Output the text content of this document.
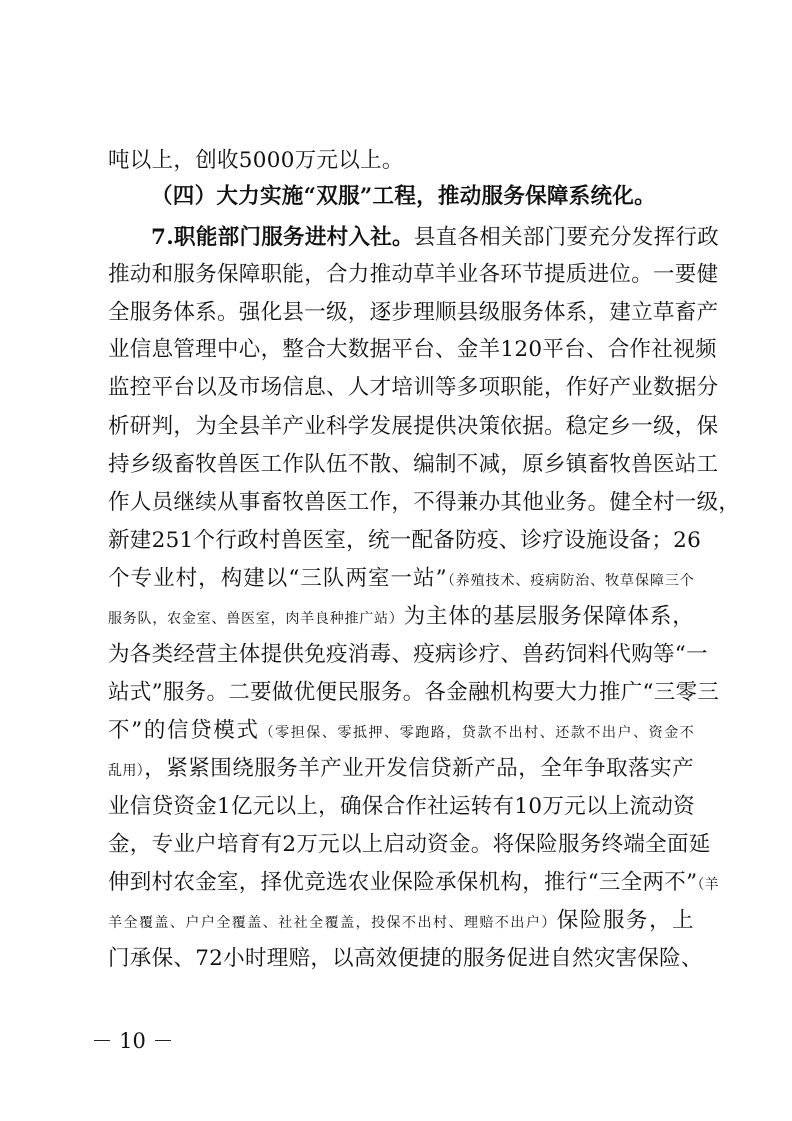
吨以上，创收5000万元以上。
（四）大力实施“双服”工程，推动服务保障系统化。
7.职能部门服务进村入社。县直各相关部门要充分发挥行政
推动和服务保障职能，合力推动草羊业各环节提质进位。一要健
全服务体系。强化县一级，逐步理顺县级服务体系，建立草畜产
业信息管理中心，整合大数据平台、金羊120平台、合作社视频
监控平台以及市场信息、人才培训等多项职能，作好产业数据分
析研判，为全县羊产业科学发展提供决策依据。稳定乡一级，保
持乡级畜牧兽医工作队伍不散、编制不减，原乡镇畜牧兽医站工
作人员继续从事畜牧兽医工作，不得兼办其他业务。健全村一级，
新建251个行政村兽医室，统一配备防疫、诊疗设施设备；26
个专业村，构建以“三队两室一站”（养殖技术、疫病防治、牧草保障三个
服务队，农金室、兽医室，肉羊良种推广站）为主体的基层服务保障体系，
为各类经营主体提供免疫消毒、疫病诊疗、兽药饲料代购等“一
站式”服务。二要做优便民服务。各金融机构要大力推广“三零三
不”的信贷模式（零担保、零抵押、零跑路，贷款不出村、还款不出户、资金不
乱用），紧紧围绕服务羊产业开发信贷新产品，全年争取落实产
业信贷资金1亿元以上，确保合作社运转有10万元以上流动资
金，专业户培育有2万元以上启动资金。将保险服务终端全面延
伸到村农金室，择优竞选农业保险承保机构，推行“三全两不”（羊
羊全覆盖、户户全覆盖、社社全覆盖，投保不出村、理赔不出户）保险服务，上
门承保、72小时理赔，以高效便捷的服务促进自然灾害保险、
－ 10 －
